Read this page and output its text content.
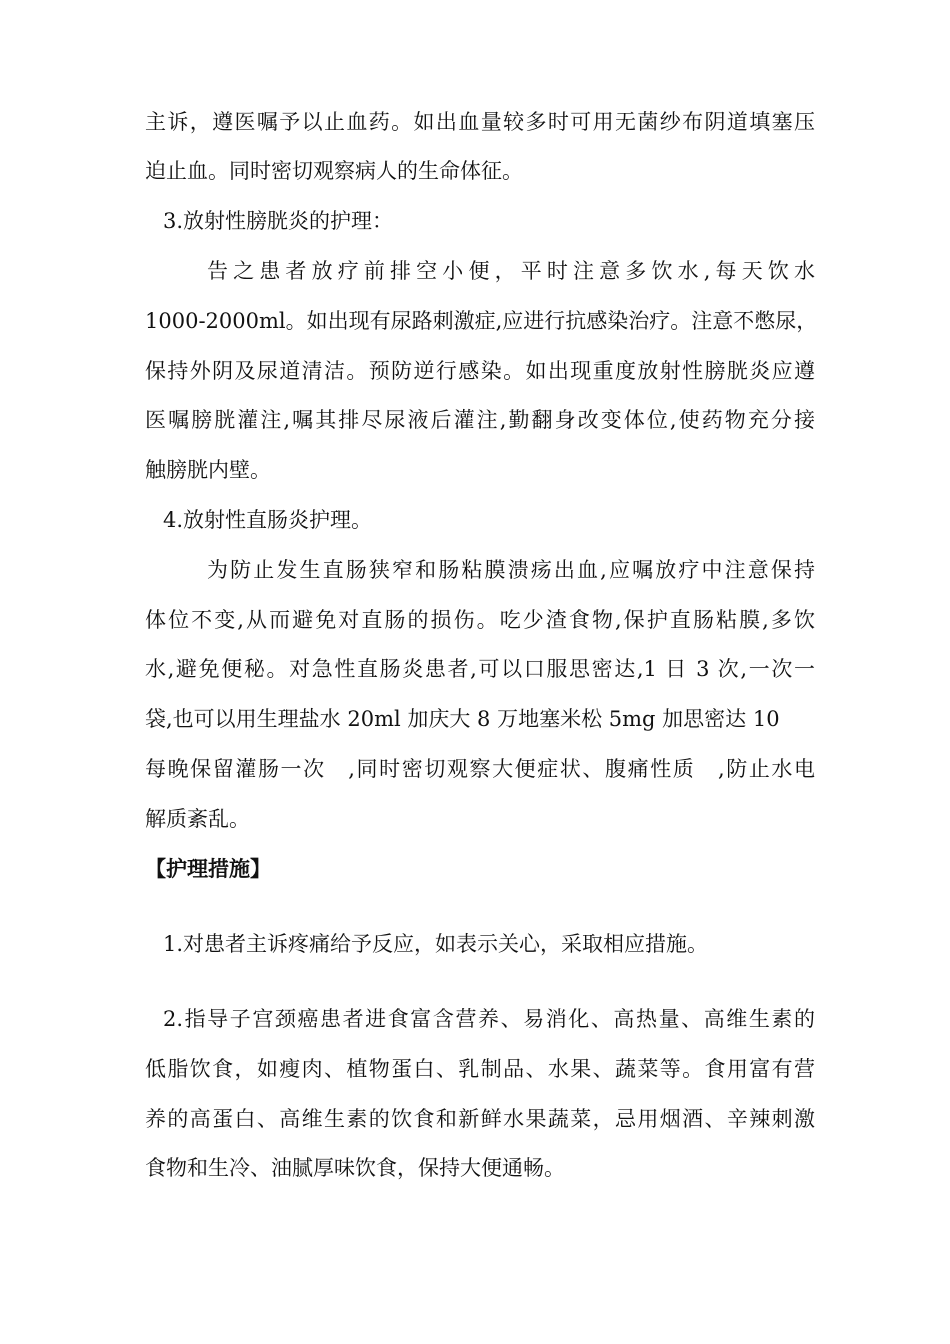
主诉，遵医嘱予以止血药。如出血量较多时可用无菌纱布阴道填塞压
迫止血。同时密切观察病人的生命体征。
3.放射性膀胱炎的护理：
告之患者放疗前排空小便，平时注意多饮水,每天饮水
1000-2000ml。如出现有尿路刺激症,应进行抗感染治疗。注意不憋尿，
保持外阴及尿道清洁。预防逆行感染。如出现重度放射性膀胱炎应遵
医嘱膀胱灌注,嘱其排尽尿液后灌注,勤翻身改变体位,使药物充分接
触膀胱内壁。
4.放射性直肠炎护理。
为防止发生直肠狭窄和肠粘膜溃疡出血,应嘱放疗中注意保持
体位不变,从而避免对直肠的损伤。吃少渣食物,保护直肠粘膜,多饮
水,避免便秘。对急性直肠炎患者,可以口服思密达,1 日 3 次,一次一
袋,也可以用生理盐水 20ml 加庆大 8 万地塞米松 5mg 加思密达 10
每晚保留灌肠一次　,同时密切观察大便症状、腹痛性质　,防止水电
解质紊乱。
【护理措施】
1.对患者主诉疼痛给予反应，如表示关心，采取相应措施。
2.指导子宫颈癌患者进食富含营养、易消化、高热量、高维生素的
低脂饮食，如瘦肉、植物蛋白、乳制品、水果、蔬菜等。食用富有营
养的高蛋白、高维生素的饮食和新鲜水果蔬菜，忌用烟酒、辛辣刺激
食物和生冷、油腻厚味饮食，保持大便通畅。
